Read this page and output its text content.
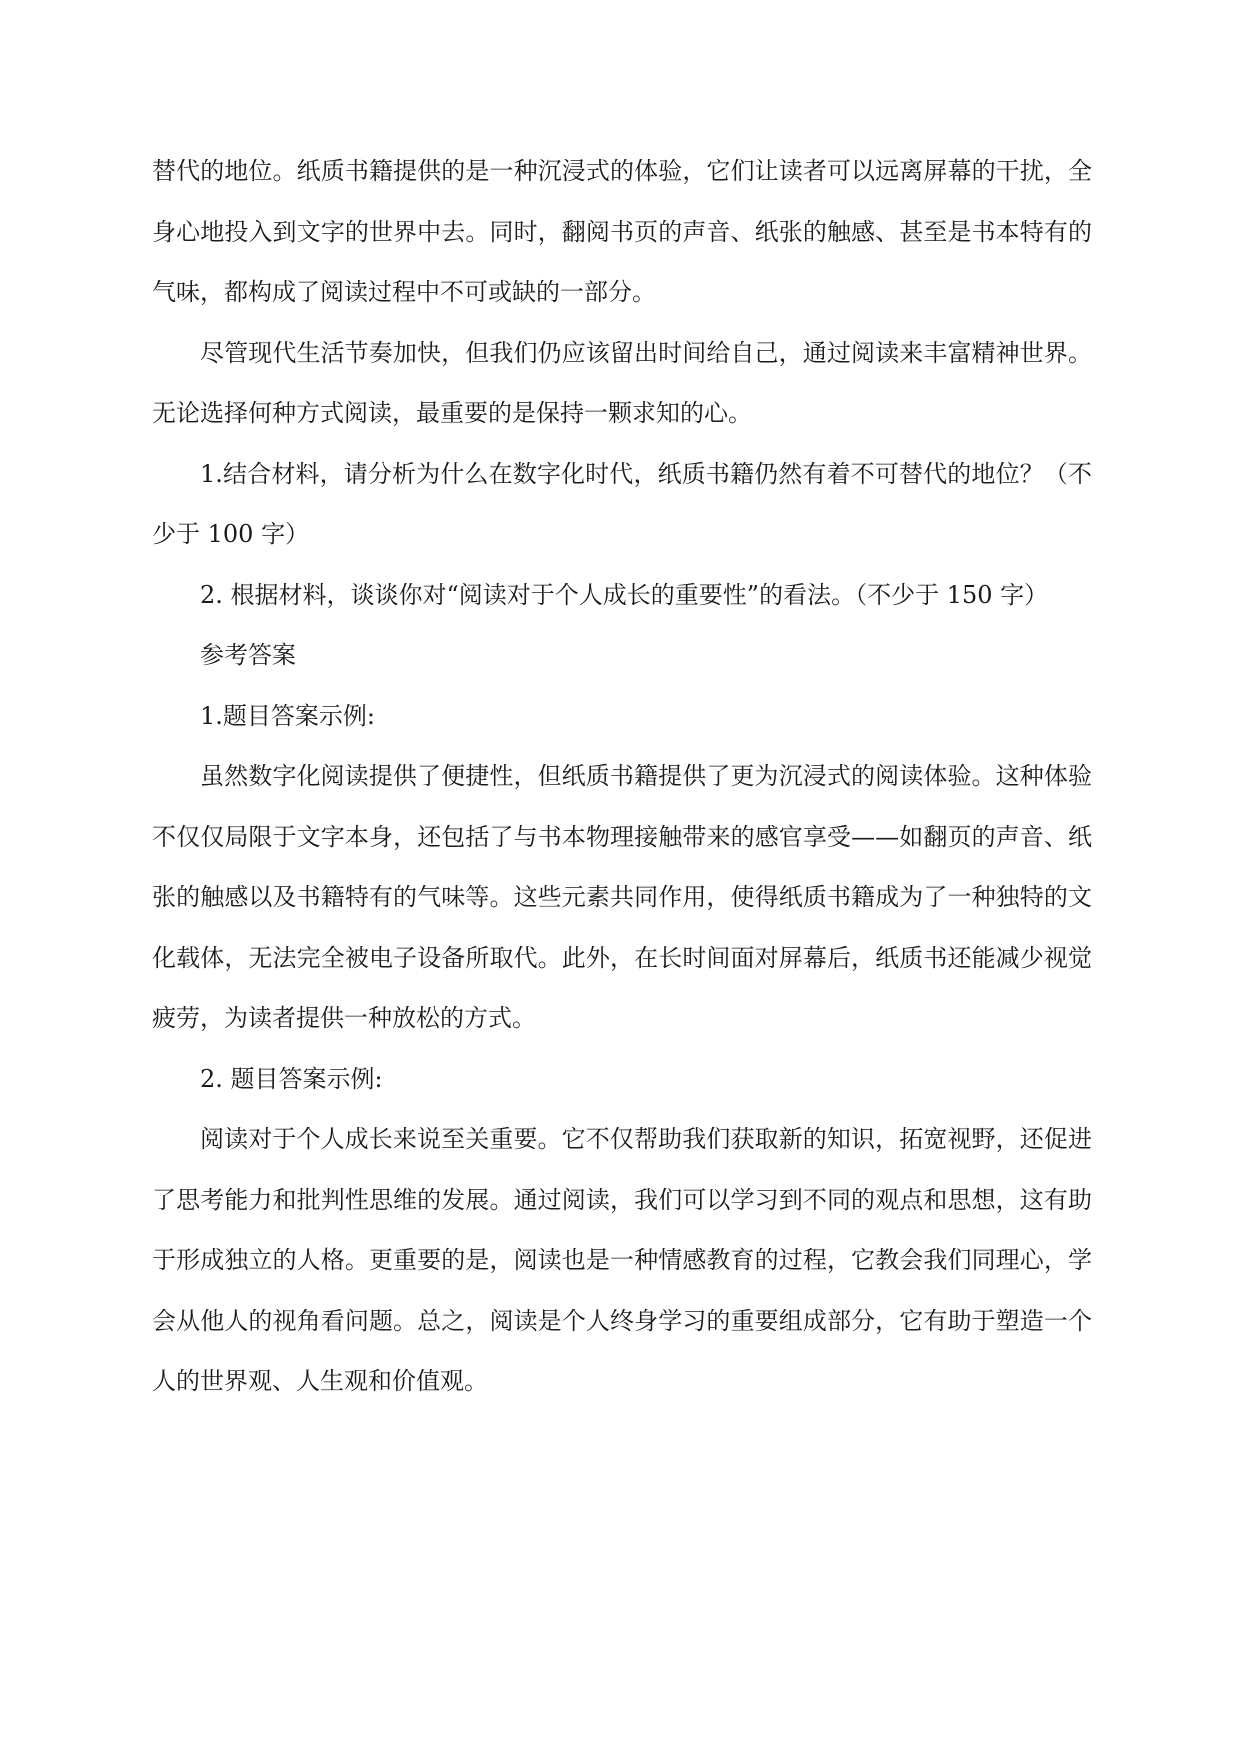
替代的地位。纸质书籍提供的是一种沉浸式的体验，它们让读者可以远离屏幕的干扰，全身心地投入到文字的世界中去。同时，翻阅书页的声音、纸张的触感、甚至是书本特有的气味，都构成了阅读过程中不可或缺的一部分。

尽管现代生活节奏加快，但我们仍应该留出时间给自己，通过阅读来丰富精神世界。无论选择何种方式阅读，最重要的是保持一颗求知的心。

1.结合材料，请分析为什么在数字化时代，纸质书籍仍然有着不可替代的地位？（不少于 100 字）

2. 根据材料，谈谈你对“阅读对于个人成长的重要性”的看法。（不少于 150 字）

参考答案

1.题目答案示例:

虽然数字化阅读提供了便捷性，但纸质书籍提供了更为沉浸式的阅读体验。这种体验不仅仅局限于文字本身，还包括了与书本物理接触带来的感官享受——如翻页的声音、纸张的触感以及书籍特有的气味等。这些元素共同作用，使得纸质书籍成为了一种独特的文化载体，无法完全被电子设备所取代。此外，在长时间面对屏幕后，纸质书还能减少视觉疲劳，为读者提供一种放松的方式。

2. 题目答案示例:

阅读对于个人成长来说至关重要。它不仅帮助我们获取新的知识，拓宽视野，还促进了思考能力和批判性思维的发展。通过阅读，我们可以学习到不同的观点和思想，这有助于形成独立的人格。更重要的是，阅读也是一种情感教育的过程，它教会我们同理心，学会从他人的视角看问题。总之，阅读是个人终身学习的重要组成部分，它有助于塑造一个人的世界观、人生观和价值观。
